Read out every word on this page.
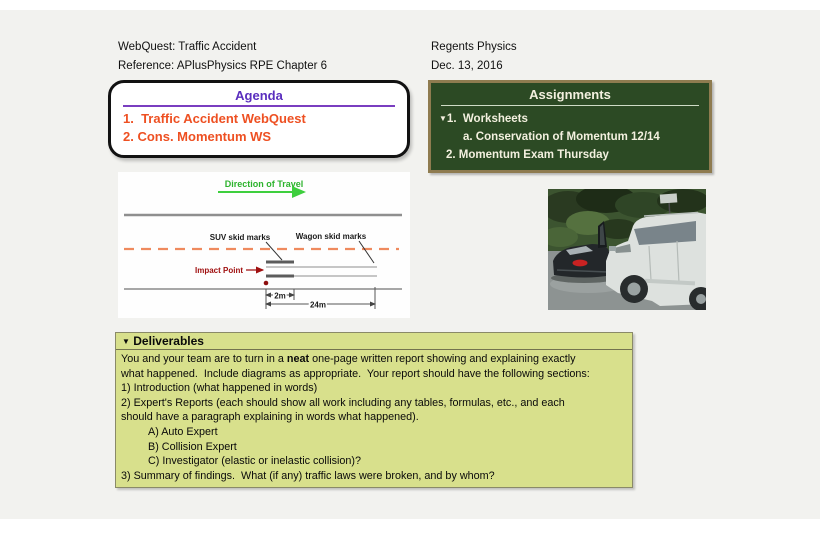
WebQuest: Traffic Accident
Reference: APlusPhysics RPE Chapter 6
Regents Physics
Dec. 13, 2016
Agenda
1.  Traffic Accident WebQuest
2. Cons. Momentum WS
Assignments
▼1.  Worksheets
a. Conservation of Momentum 12/14
2. Momentum Exam Thursday
Direction of Travel
SUV skid marks	Wagon skid marks
Impact Point
2m
24m
▼ Deliverables
You and your team are to turn in a neat one-page written report showing and explaining exactly
what happened.  Include diagrams as appropriate.  Your report should have the following sections:
1) Introduction (what happened in words)
2) Expert's Reports (each should show all work including any tables, formulas, etc., and each
should have a paragraph explaining in words what happened).
A) Auto Expert
B) Collision Expert
C) Investigator (elastic or inelastic collision)?
3) Summary of findings.  What (if any) traffic laws were broken, and by whom?
